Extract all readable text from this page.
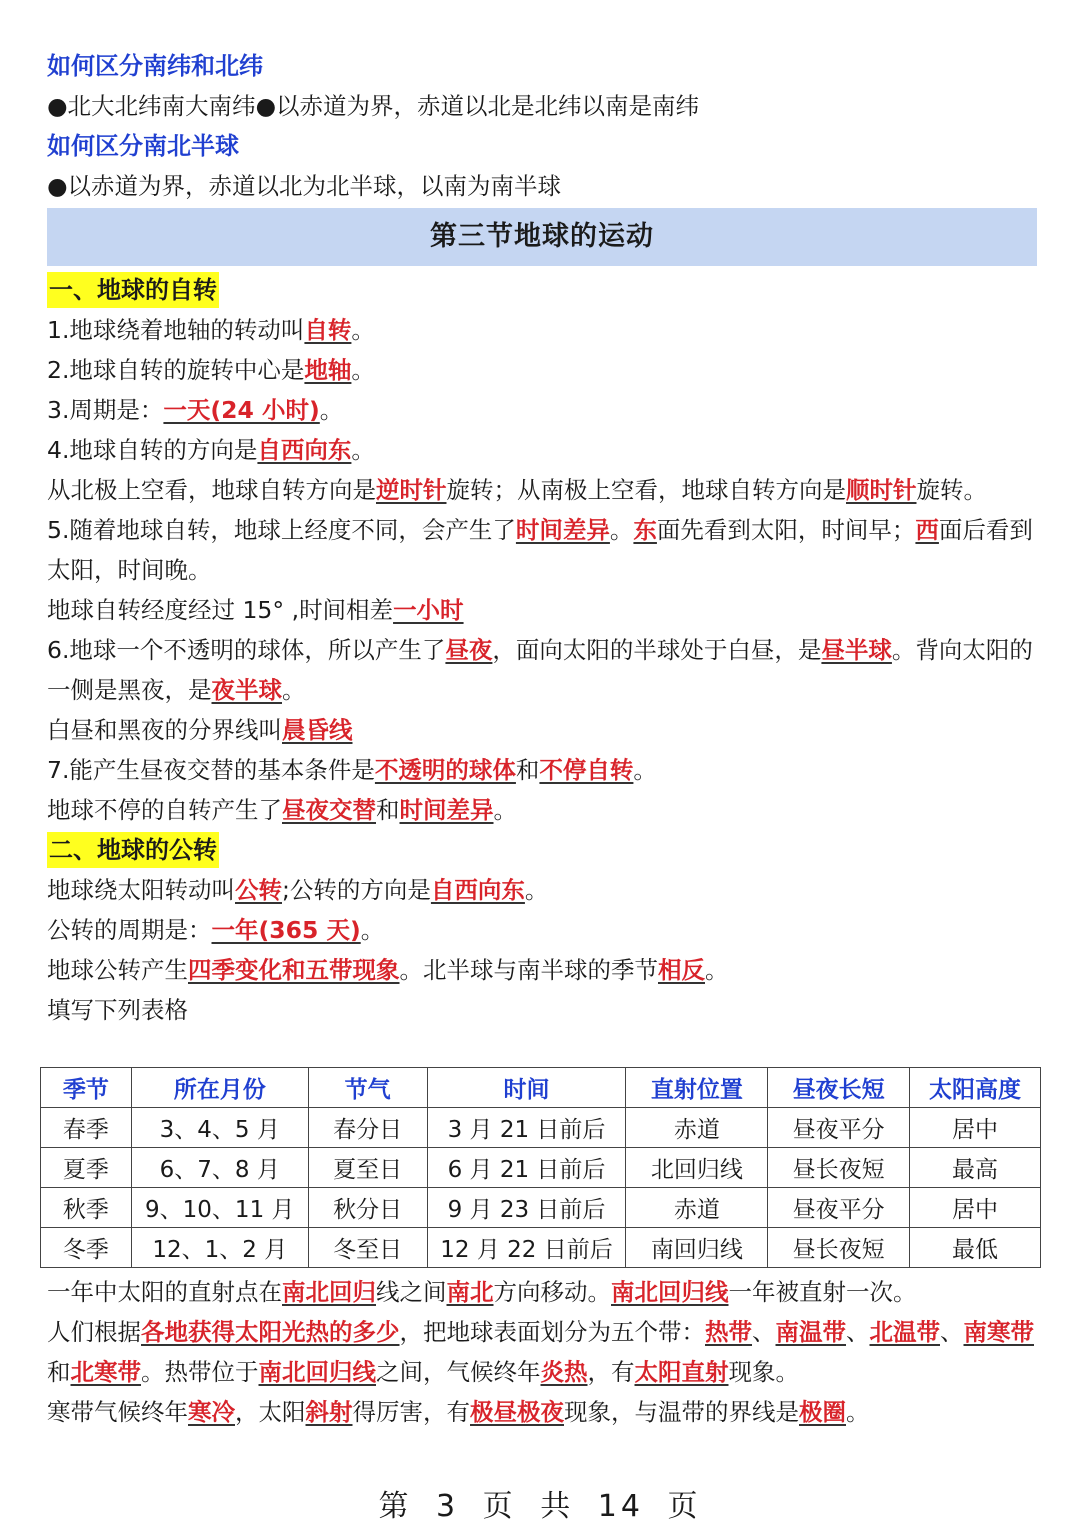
如何区分南纬和北纬
●北大北纬南大南纬●以赤道为界，赤道以北是北纬以南是南纬
如何区分南北半球
●以赤道为界，赤道以北为北半球，以南为南半球
第三节地球的运动
一、地球的自转
1.地球绕着地轴的转动叫自转。
2.地球自转的旋转中心是地轴。
3.周期是：一天(24 小时)。
4.地球自转的方向是自西向东。
从北极上空看，地球自转方向是逆时针旋转；从南极上空看，地球自转方向是顺时针旋转。
5.随着地球自转，地球上经度不同，会产生了时间差异。东面先看到太阳，时间早；西面后看到太阳，时间晚。
地球自转经度经过 15° ,时间相差一小时
6.地球一个不透明的球体，所以产生了昼夜，面向太阳的半球处于白昼，是昼半球。背向太阳的一侧是黑夜，是夜半球。
白昼和黑夜的分界线叫晨昏线
7.能产生昼夜交替的基本条件是不透明的球体和不停自转。
地球不停的自转产生了昼夜交替和时间差异。
二、地球的公转
地球绕太阳转动叫公转;公转的方向是自西向东。
公转的周期是：一年(365 天)。
地球公转产生四季变化和五带现象。北半球与南半球的季节相反。
填写下列表格
季节	所在月份	节气	时间	直射位置	昼夜长短	太阳高度
春季	3、4、5 月	春分日	3 月 21 日前后	赤道	昼夜平分	居中
夏季	6、7、8 月	夏至日	6 月 21 日前后	北回归线	昼长夜短	最高
秋季	9、10、11 月	秋分日	9 月 23 日前后	赤道	昼夜平分	居中
冬季	12、1、2 月	冬至日	12 月 22 日前后	南回归线	昼长夜短	最低
一年中太阳的直射点在南北回归线之间南北方向移动。南北回归线一年被直射一次。
人们根据各地获得太阳光热的多少，把地球表面划分为五个带：热带、南温带、北温带、南寒带和北寒带。热带位于南北回归线之间，气候终年炎热，有太阳直射现象。
寒带气候终年寒冷，太阳斜射得厉害，有极昼极夜现象，与温带的界线是极圈。
第 3 页 共 14 页
